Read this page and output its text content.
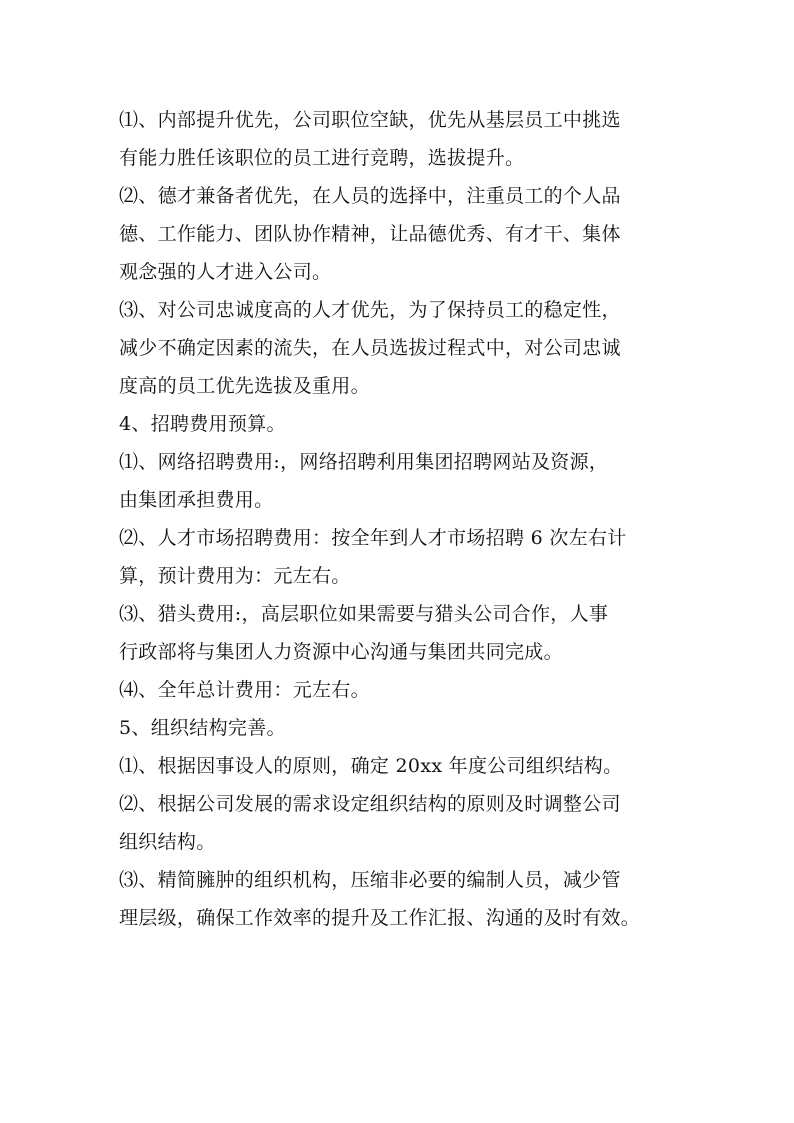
⑴、内部提升优先，公司职位空缺，优先从基层员工中挑选
有能力胜任该职位的员工进行竞聘，选拔提升。
⑵、德才兼备者优先，在人员的选择中，注重员工的个人品
德、工作能力、团队协作精神，让品德优秀、有才干、集体
观念强的人才进入公司。
⑶、对公司忠诚度高的人才优先，为了保持员工的稳定性，
减少不确定因素的流失，在人员选拔过程式中，对公司忠诚
度高的员工优先选拔及重用。
4、招聘费用预算。
⑴、网络招聘费用:，网络招聘利用集团招聘网站及资源，
由集团承担费用。
⑵、人才市场招聘费用：按全年到人才市场招聘 6 次左右计
算，预计费用为：元左右。
⑶、猎头费用:，高层职位如果需要与猎头公司合作，人事
行政部将与集团人力资源中心沟通与集团共同完成。
⑷、全年总计费用：元左右。
5、组织结构完善。
⑴、根据因事设人的原则，确定 20xx 年度公司组织结构。
⑵、根据公司发展的需求设定组织结构的原则及时调整公司
组织结构。
⑶、精简臃肿的组织机构，压缩非必要的编制人员，减少管
理层级，确保工作效率的提升及工作汇报、沟通的及时有效。
